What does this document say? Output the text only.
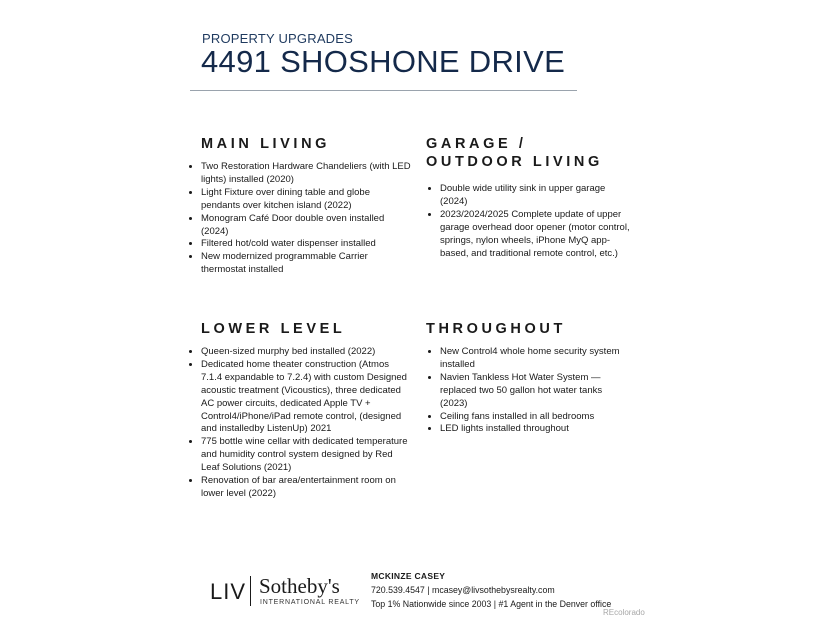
PROPERTY UPGRADES
4491 SHOSHONE DRIVE
MAIN LIVING
• Two Restoration Hardware Chandeliers (with LED lights) installed (2020)
• Light Fixture over dining table and globe pendants over kitchen island (2022)
• Monogram Café Door double oven installed (2024)
• Filtered hot/cold water dispenser installed
• New modernized programmable Carrier thermostat installed
GARAGE / OUTDOOR LIVING
• Double wide utility sink in upper garage (2024)
• 2023/2024/2025 Complete update of upper garage overhead door opener (motor control, springs, nylon wheels, iPhone MyQ app-based, and traditional remote control, etc.)
LOWER LEVEL
• Queen-sized murphy bed installed (2022)
• Dedicated home theater construction (Atmos 7.1.4 expandable to 7.2.4) with custom Designed acoustic treatment (Vicoustics), three dedicated AC power circuits, dedicated Apple TV + Control4/iPhone/iPad remote control, (designed and installedby ListenUp) 2021
• 775 bottle wine cellar with dedicated temperature and humidity control system designed by Red Leaf Solutions (2021)
• Renovation of bar area/entertainment room on lower level (2022)
THROUGHOUT
• New Control4 whole home security system installed
• Navien Tankless Hot Water System —replaced two 50 gallon hot water tanks (2023)
• Ceiling fans installed in all bedrooms
• LED lights installed throughout
LIV Sotheby's
INTERNATIONAL REALTY
MCKINZE CASEY
720.539.4547 | mcasey@livsothebysrealty.com
Top 1% Nationwide since 2003 | #1 Agent in the Denver office
REcolorado
